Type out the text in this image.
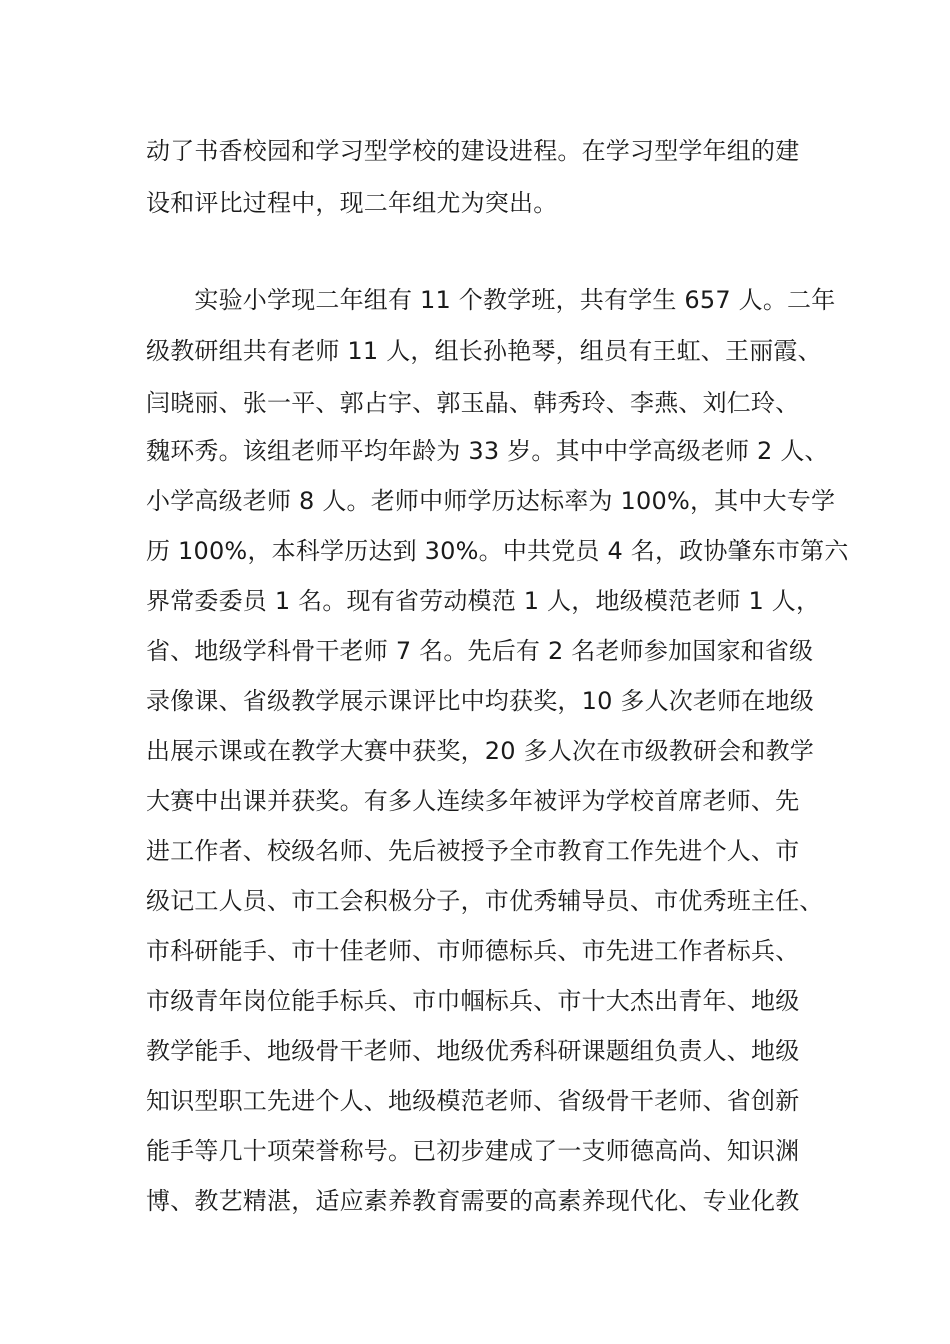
动了书香校园和学习型学校的建设进程。在学习型学年组的建
设和评比过程中，现二年组尤为突出。
　　实验小学现二年组有 11 个教学班，共有学生 657 人。二年
级教研组共有老师 11 人，组长孙艳琴，组员有王虹、王丽霞、
闫晓丽、张一平、郭占宇、郭玉晶、韩秀玲、李燕、刘仁玲、
魏环秀。该组老师平均年龄为 33 岁。其中中学高级老师 2 人、
小学高级老师 8 人。老师中师学历达标率为 100%，其中大专学
历 100%，本科学历达到 30%。中共党员 4 名，政协肇东市第六
界常委委员 1 名。现有省劳动模范 1 人，地级模范老师 1 人，
省、地级学科骨干老师 7 名。先后有 2 名老师参加国家和省级
录像课、省级教学展示课评比中均获奖，10 多人次老师在地级
出展示课或在教学大赛中获奖，20 多人次在市级教研会和教学
大赛中出课并获奖。有多人连续多年被评为学校首席老师、先
进工作者、校级名师、先后被授予全市教育工作先进个人、市
级记工人员、市工会积极分子，市优秀辅导员、市优秀班主任、
市科研能手、市十佳老师、市师德标兵、市先进工作者标兵、
市级青年岗位能手标兵、市巾帼标兵、市十大杰出青年、地级
教学能手、地级骨干老师、地级优秀科研课题组负责人、地级
知识型职工先进个人、地级模范老师、省级骨干老师、省创新
能手等几十项荣誉称号。已初步建成了一支师德高尚、知识渊
博、教艺精湛，适应素养教育需要的高素养现代化、专业化教
